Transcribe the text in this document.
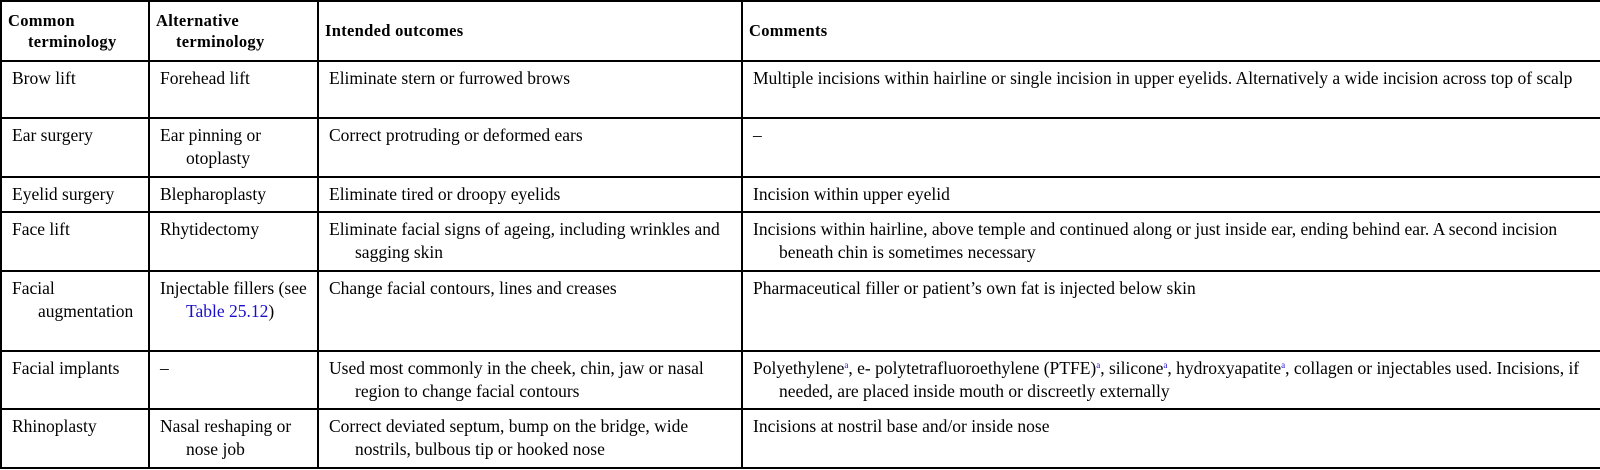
Common terminology	Alternative terminology	Intended outcomes	Comments

Brow lift	Forehead lift	Eliminate stern or furrowed brows	Multiple incisions within hairline or single incision in upper eyelids. Alternatively a wide incision across top of scalp

Ear surgery	Ear pinning or otoplasty	Correct protruding or deformed ears	–

Eyelid surgery	Blepharoplasty	Eliminate tired or droopy eyelids	Incision within upper eyelid

Face lift	Rhytidectomy	Eliminate facial signs of ageing, including wrinkles and sagging skin	Incisions within hairline, above temple and continued along or just inside ear, ending behind ear. A second incision beneath chin is sometimes necessary

Facial augmentation	Injectable fillers (see Table 25.12)	Change facial contours, lines and creases	Pharmaceutical filler or patient’s own fat is injected below skin

Facial implants	–	Used most commonly in the cheek, chin, jaw or nasal region to change facial contours	Polyethylene$^a$, e- polytetrafluoroethylene (PTFE)$^a$, silicone$^a$, hydroxyapatite$^a$, collagen or injectables used. Incisions, if needed, are placed inside mouth or discreetly externally

Rhinoplasty	Nasal reshaping or nose job	Correct deviated septum, bump on the bridge, wide nostrils, bulbous tip or hooked nose	Incisions at nostril base and/or inside nose
